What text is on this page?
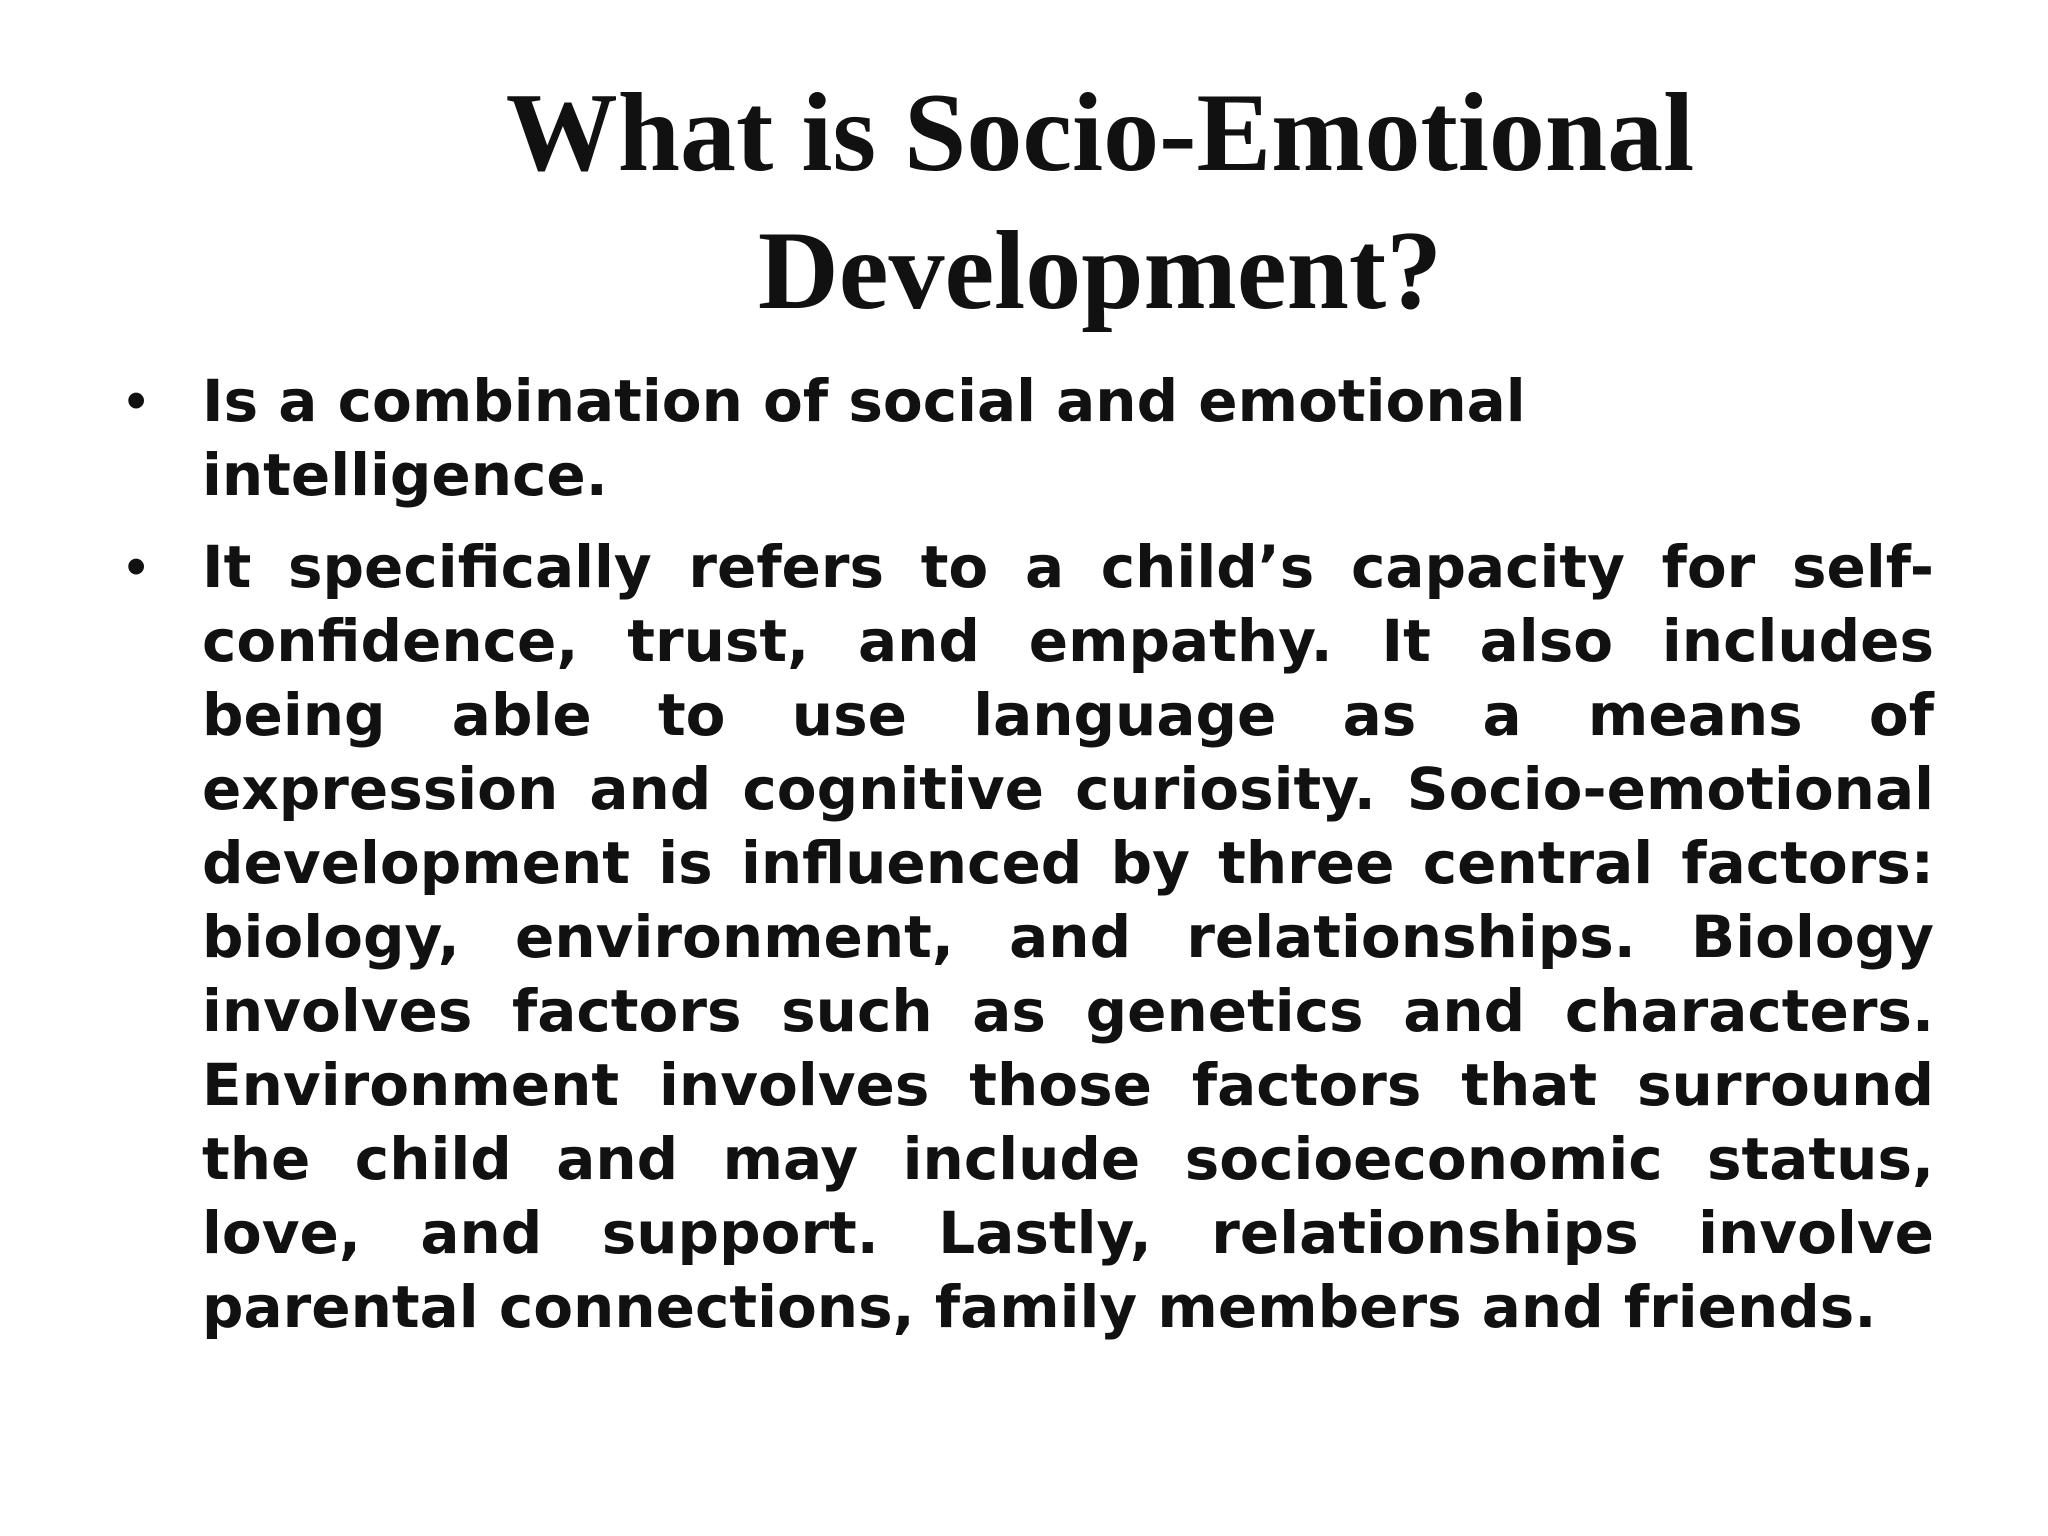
What is Socio-Emotional
Development?
• Is a combination of social and emotional intelligence.
• It specifically refers to a child’s capacity for self-confidence, trust, and empathy. It also includes being able to use language as a means of expression and cognitive curiosity. Socio-emotional development is influenced by three central factors: biology, environment, and relationships. Biology involves factors such as genetics and characters. Environment involves those factors that surround the child and may include socioeconomic status, love, and support. Lastly, relationships involve parental connections, family members and friends.
